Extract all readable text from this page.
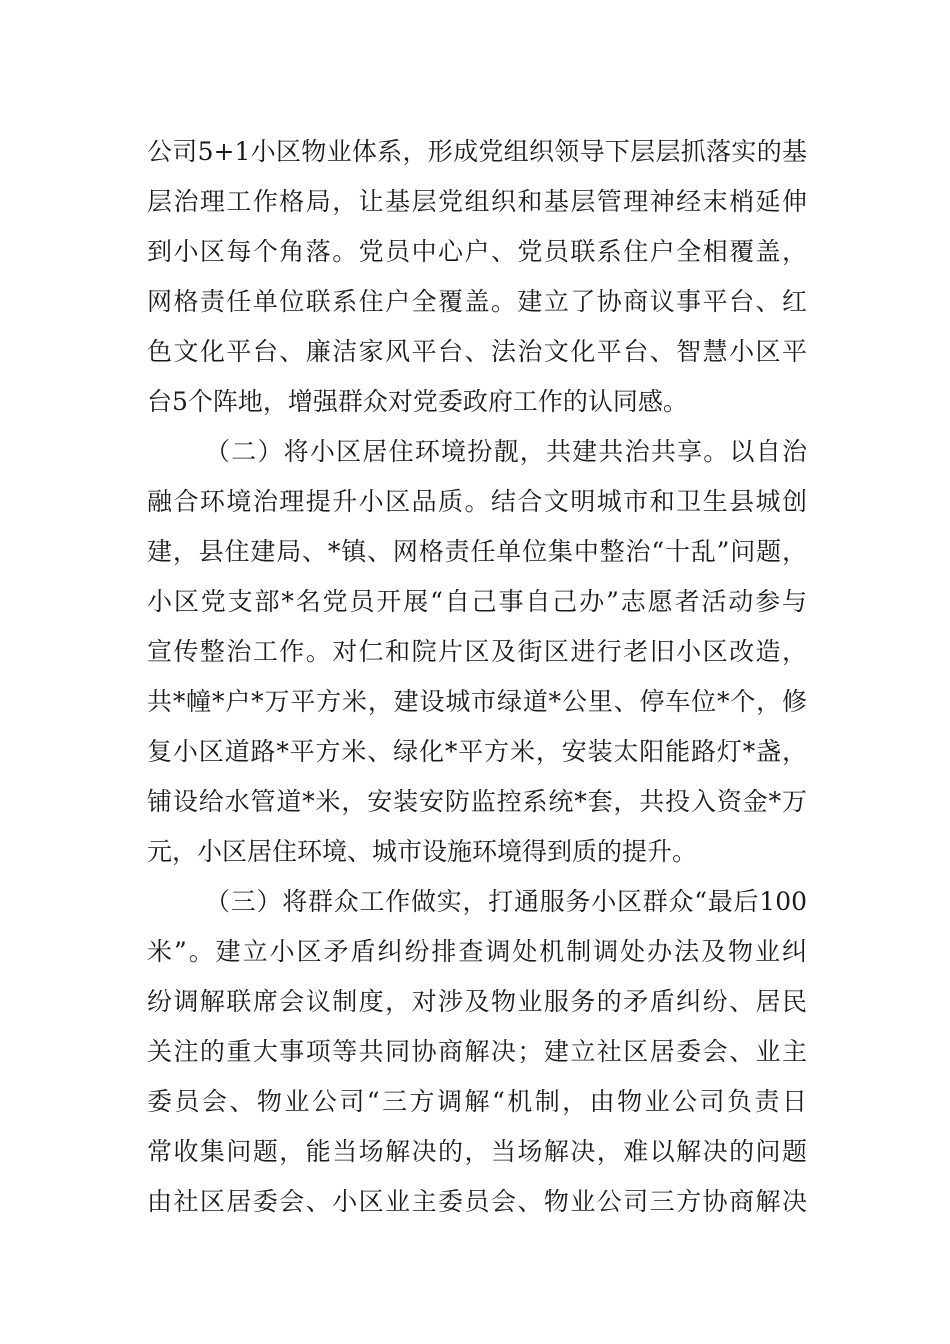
公司5+1小区物业体系，形成党组织领导下层层抓落实的基
层治理工作格局，让基层党组织和基层管理神经末梢延伸
到小区每个角落。党员中心户、党员联系住户全相覆盖，
网格责任单位联系住户全覆盖。建立了协商议事平台、红
色文化平台、廉洁家风平台、法治文化平台、智慧小区平
台5个阵地，增强群众对党委政府工作的认同感。
（二）将小区居住环境扮靓，共建共治共享。以自治
融合环境治理提升小区品质。结合文明城市和卫生县城创
建，县住建局、*镇、网格责任单位集中整治“十乱”问题，
小区党支部*名党员开展“自己事自己办”志愿者活动参与
宣传整治工作。对仁和院片区及街区进行老旧小区改造，
共*幢*户*万平方米，建设城市绿道*公里、停车位*个，修
复小区道路*平方米、绿化*平方米，安装太阳能路灯*盏，
铺设给水管道*米，安装安防监控系统*套，共投入资金*万
元，小区居住环境、城市设施环境得到质的提升。
（三）将群众工作做实，打通服务小区群众“最后100
米”。建立小区矛盾纠纷排查调处机制调处办法及物业纠
纷调解联席会议制度，对涉及物业服务的矛盾纠纷、居民
关注的重大事项等共同协商解决；建立社区居委会、业主
委员会、物业公司“三方调解“机制，由物业公司负责日
常收集问题，能当场解决的，当场解决，难以解决的问题
由社区居委会、小区业主委员会、物业公司三方协商解决
